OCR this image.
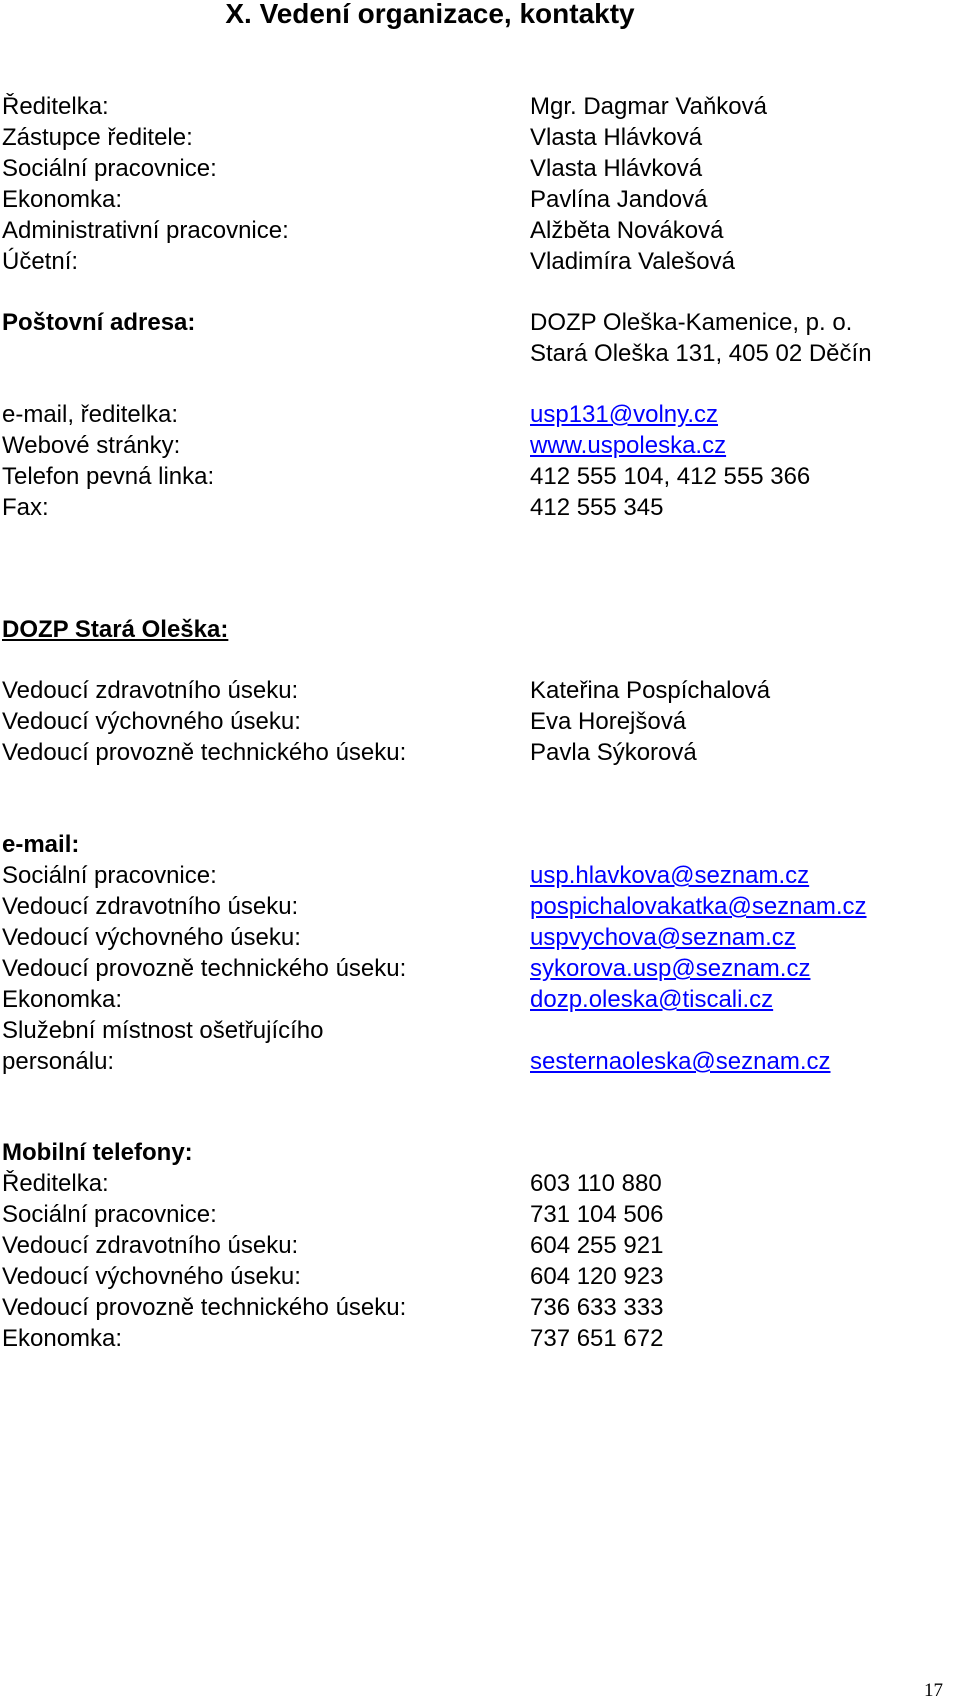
X. Vedení organizace, kontakty
Ředitelka:	Mgr. Dagmar Vaňková
Zástupce ředitele:	Vlasta Hlávková
Sociální pracovnice:	Vlasta Hlávková
Ekonomka:	Pavlína Jandová
Administrativní pracovnice:	Alžběta Nováková
Účetní:	Vladimíra Valešová
Poštovní adresa:	DOZP Oleška-Kamenice, p. o.
Stará Oleška 131, 405 02 Děčín
e-mail, ředitelka:	usp131@volny.cz
Webové stránky:	www.uspoleska.cz
Telefon pevná linka:	412 555 104, 412 555 366
Fax:	412 555 345
DOZP Stará Oleška:
Vedoucí zdravotního úseku:	Kateřina Pospíchalová
Vedoucí výchovného úseku:	Eva Horejšová
Vedoucí provozně technického úseku:	Pavla Sýkorová
e-mail:
Sociální pracovnice:	usp.hlavkova@seznam.cz
Vedoucí zdravotního úseku:	pospichalovakatka@seznam.cz
Vedoucí výchovného úseku:	uspvychova@seznam.cz
Vedoucí provozně technického úseku:	sykorova.usp@seznam.cz
Ekonomka:	dozp.oleska@tiscali.cz
Služební místnost ošetřujícího
personálu:	sesternaoleska@seznam.cz
Mobilní telefony:
Ředitelka:	603 110 880
Sociální pracovnice:	731 104 506
Vedoucí zdravotního úseku:	604 255 921
Vedoucí výchovného úseku:	604 120 923
Vedoucí provozně technického úseku:	736 633 333
Ekonomka:	737 651 672
17
